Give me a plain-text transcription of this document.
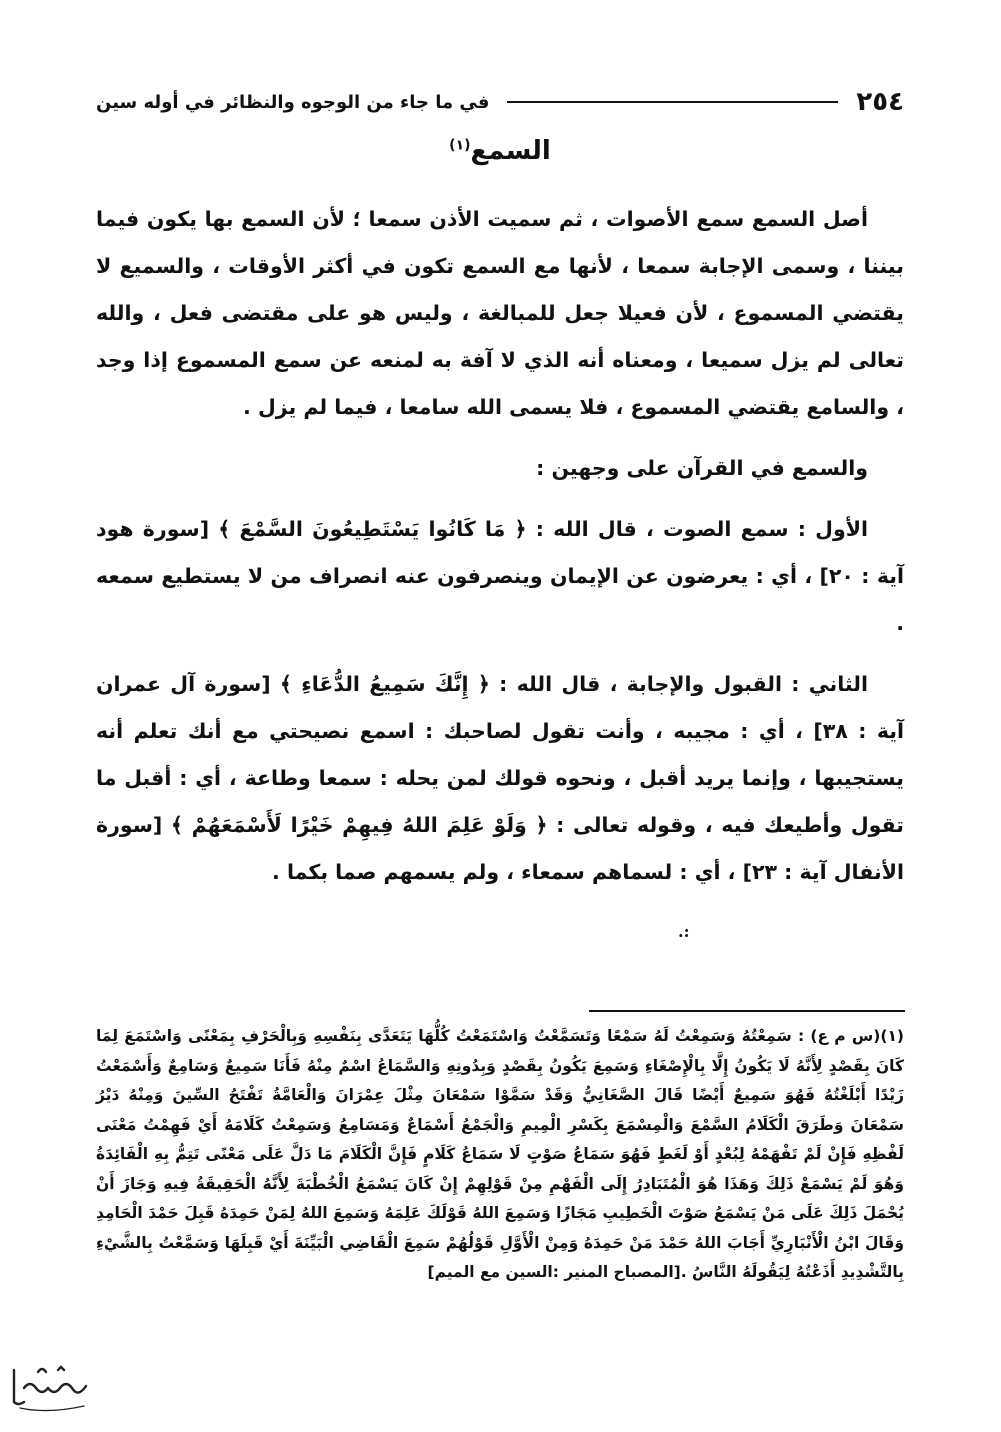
٢٥٤
في ما جاء من الوجوه والنظائر في أوله سين
السمع$^{(١)}$

أصل السمع سمع الأصوات ، ثم سميت الأذن سمعا ؛ لأن السمع بها يكون فيما بيننا ، وسمى الإجابة سمعا ، لأنها مع السمع تكون في أكثر الأوقات ، والسميع لا يقتضي المسموع ، لأن فعيلا جعل للمبالغة ، وليس هو على مقتضى فعل ، والله تعالى لم يزل سميعا ، ومعناه أنه الذي لا آفة به لمنعه عن سمع المسموع إذا وجد ، والسامع يقتضي المسموع ، فلا يسمى الله سامعا ، فيما لم يزل .

والسمع في القرآن على وجهين :

الأول : سمع الصوت ، قال الله : ﴿ مَا كَانُوا يَسْتَطِيعُونَ السَّمْعَ ﴾ [سورة هود آية : ٢٠] ، أي : يعرضون عن الإيمان وينصرفون عنه انصراف من لا يستطيع سمعه .

الثاني : القبول والإجابة ، قال الله : ﴿ إِنَّكَ سَمِيعُ الدُّعَاءِ ﴾ [سورة آل عمران آية : ٣٨] ، أي : مجيبه ، وأنت تقول لصاحبك : اسمع نصيحتي مع أنك تعلم أنه يستجيبها ، وإنما يريد أقبل ، ونحوه قولك لمن يحله : سمعا وطاعة ، أي : أقبل ما تقول وأطيعك فيه ، وقوله تعالى : ﴿ وَلَوْ عَلِمَ اللهُ فِيهِمْ خَيْرًا لَأَسْمَعَهُمْ ﴾ [سورة الأنفال آية : ٢٣] ، أي : لسماهم سمعاء ، ولم يسمهم صما بكما .

:.

(١)(س م ع) : سَمِعْتُهُ وَسَمِعْتُ لَهُ سَمْعًا وَتَسَمَّعْتُ وَاسْتَمَعْتُ كُلُّهَا يَتَعَدَّى بِنَفْسِهِ وَبِالْحَرْفِ بِمَعْنًى وَاسْتَمَعَ لِمَا كَانَ بِقَصْدٍ لِأَنَّهُ لَا يَكُونُ إِلَّا بِالْإِصْغَاءِ وَسَمِعَ يَكُونُ بِقَصْدٍ وَبِدُونِهِ وَالسَّمَاعُ اسْمٌ مِنْهُ فَأَنَا سَمِيعٌ وَسَامِعٌ وَأَسْمَعْتُ زَيْدًا أَبْلَغْتُهُ فَهُوَ سَمِيعٌ أَيْضًا قَالَ الصَّغَانِيُّ وَقَدْ سَمَّوْا سَمْعَانَ مِثْلَ عِمْرَانَ وَالْعَامَّةُ تَفْتَحُ السِّينَ وَمِنْهُ دَيْرُ سَمْعَانَ وَطَرَقَ الْكَلَامُ السَّمْعَ وَالْمِسْمَعَ بِكَسْرِ الْمِيمِ وَالْجَمْعُ أَسْمَاعٌ وَمَسَامِعُ وَسَمِعْتُ كَلَامَهُ أَيْ فَهِمْتُ مَعْنَى لَفْظِهِ فَإِنْ لَمْ تَفْهَمْهُ لِبُعْدٍ أَوْ لَغَطٍ فَهُوَ سَمَاعُ صَوْتٍ لَا سَمَاعُ كَلَامٍ فَإِنَّ الْكَلَامَ مَا دَلَّ عَلَى مَعْنًى تَتِمُّ بِهِ الْفَائِدَةُ وَهُوَ لَمْ يَسْمَعْ ذَلِكَ وَهَذَا هُوَ الْمُتَبَادِرُ إِلَى الْفَهْمِ مِنْ قَوْلِهِمْ إِنْ كَانَ يَسْمَعُ الْخُطْبَةَ لِأَنَّهُ الْحَقِيقَةُ فِيهِ وَجَازَ أَنْ يُحْمَلَ ذَلِكَ عَلَى مَنْ يَسْمَعُ صَوْتَ الْخَطِيبِ مَجَازًا وَسَمِعَ اللهُ قَوْلَكَ عَلِمَهُ وَسَمِعَ اللهُ لِمَنْ حَمِدَهُ قَبِلَ حَمْدَ الْحَامِدِ وَقَالَ ابْنُ الْأَنْبَارِيِّ أَجَابَ اللهُ حَمْدَ مَنْ حَمِدَهُ وَمِنْ الْأَوَّلِ قَوْلُهُمْ سَمِعَ الْقَاضِي الْبَيِّنَةَ أَيْ قَبِلَهَا وَسَمَّعْتُ بِالشَّيْءِ بِالتَّشْدِيدِ أَذَعْتُهُ لِيَقُولَهُ النَّاسُ .[المصباح المنير :السين مع الميم]
